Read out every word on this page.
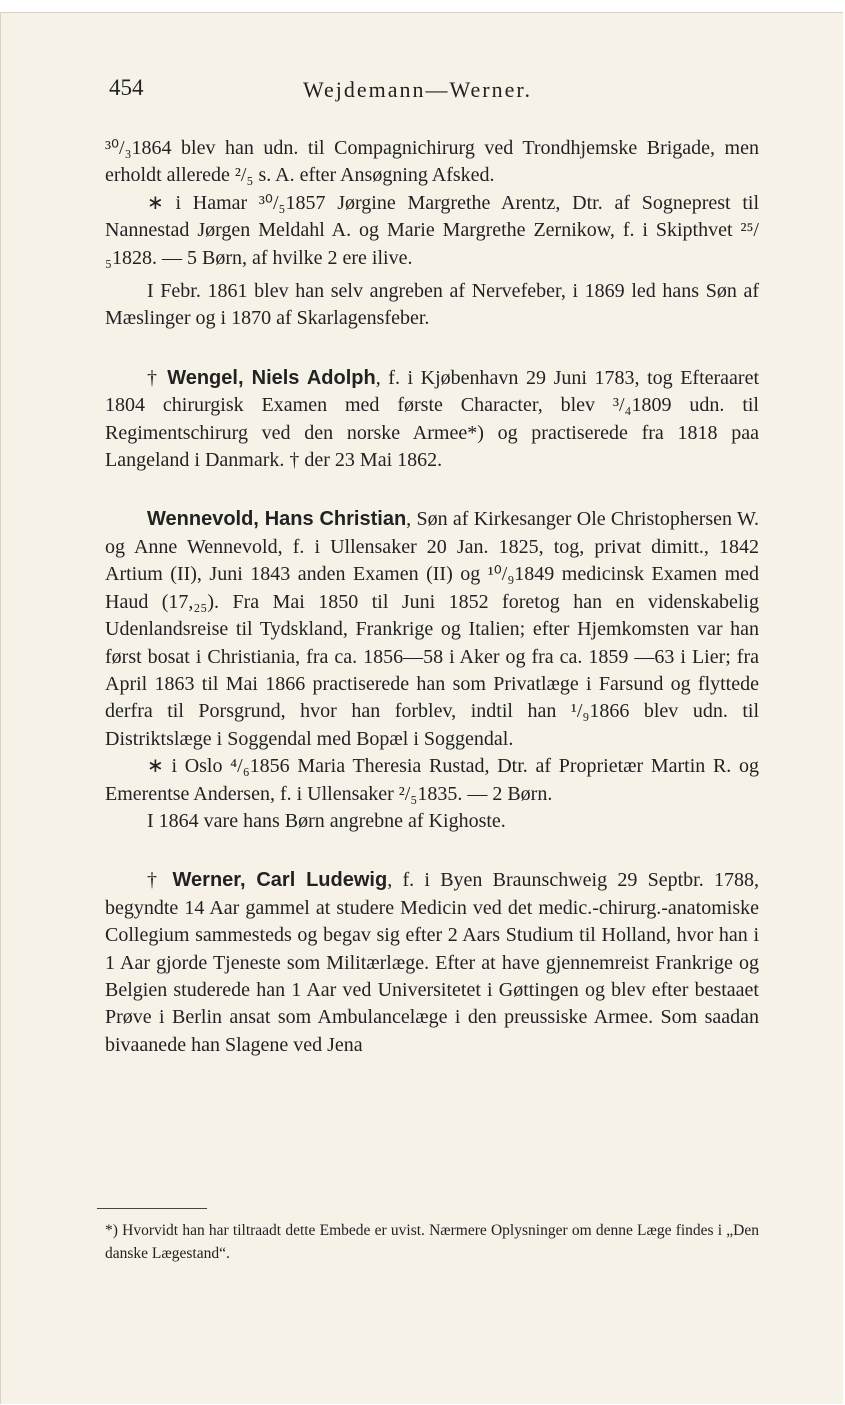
454	Wejdemann—Werner.

³⁰/₃1864 blev han udn. til Compagnichirurg ved Trondhjemske Brigade, men erholdt allerede ²/₅ s. A. efter Ansøgning Afsked.

∗ i Hamar ³⁰/₅1857 Jørgine Margrethe Arentz, Dtr. af Sogneprest til Nannestad Jørgen Meldahl A. og Marie Margrethe Zernikow, f. i Skipthvet ²⁵/₅1828. — 5 Børn, af hvilke 2 ere ilive.

I Febr. 1861 blev han selv angreben af Nervefeber, i 1869 led hans Søn af Mæslinger og i 1870 af Skarlagensfeber.

† Wengel, Niels Adolph, f. i Kjøbenhavn 29 Juni 1783, tog Efteraaret 1804 chirurgisk Examen med første Character, blev ³/₄1809 udn. til Regimentschirurg ved den norske Armee*) og practiserede fra 1818 paa Langeland i Danmark. † der 23 Mai 1862.

Wennevold, Hans Christian, Søn af Kirkesanger Ole Christophersen W. og Anne Wennevold, f. i Ullensaker 20 Jan. 1825, tog, privat dimitt., 1842 Artium (II), Juni 1843 anden Examen (II) og ¹⁰/₉1849 medicinsk Examen med Haud (17,₂₅). Fra Mai 1850 til Juni 1852 foretog han en videnskabelig Udenlandsreise til Tydskland, Frankrige og Italien; efter Hjemkomsten var han først bosat i Christiania, fra ca. 1856—58 i Aker og fra ca. 1859 —63 i Lier; fra April 1863 til Mai 1866 practiserede han som Privatlæge i Farsund og flyttede derfra til Porsgrund, hvor han forblev, indtil han ¹/₉1866 blev udn. til Distriktslæge i Soggendal med Bopæl i Soggendal.

∗ i Oslo ⁴/₆1856 Maria Theresia Rustad, Dtr. af Proprietær Martin R. og Emerentse Andersen, f. i Ullensaker ²/₅1835. — 2 Børn.

I 1864 vare hans Børn angrebne af Kighoste.

† Werner, Carl Ludewig, f. i Byen Braunschweig 29 Septbr. 1788, begyndte 14 Aar gammel at studere Medicin ved det medic.-chirurg.-anatomiske Collegium sammesteds og begav sig efter 2 Aars Studium til Holland, hvor han i 1 Aar gjorde Tjeneste som Militærlæge. Efter at have gjennemreist Frankrige og Belgien studerede han 1 Aar ved Universitetet i Gøttingen og blev efter bestaaet Prøve i Berlin ansat som Ambulancelæge i den preussiske Armee. Som saadan bivaanede han Slagene ved Jena

*) Hvorvidt han har tiltraadt dette Embede er uvist. Nærmere Oplysninger om denne Læge findes i „Den danske Lægestand“.
